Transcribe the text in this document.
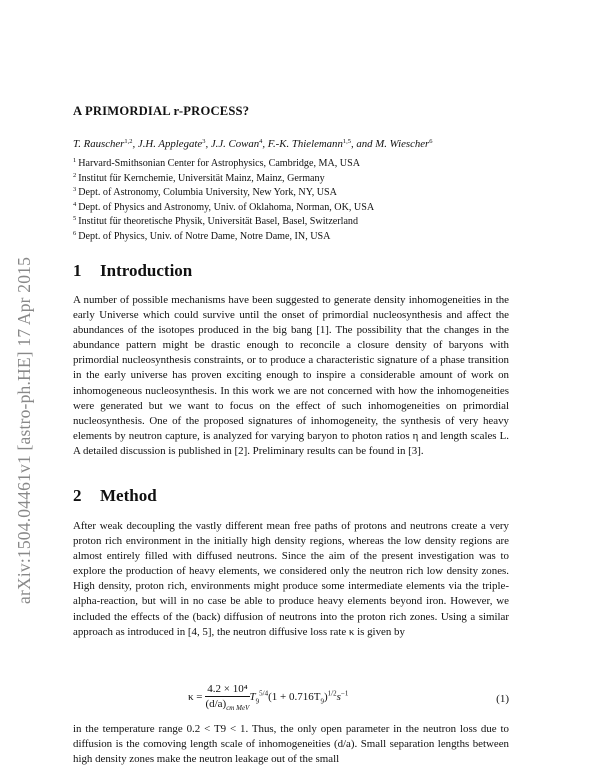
arXiv:1504.04461v1 [astro-ph.HE] 17 Apr 2015
A PRIMORDIAL r-PROCESS?

T. Rauscher$^{1,2}$, J.H. Applegate$^3$, J.J. Cowan$^4$, F.-K. Thielemann$^{1,5}$, and M. Wiescher$^6$

$^1$ Harvard-Smithsonian Center for Astrophysics, Cambridge, MA, USA
$^2$ Institut für Kernchemie, Universität Mainz, Mainz, Germany
$^3$ Dept. of Astronomy, Columbia University, New York, NY, USA
$^4$ Dept. of Physics and Astronomy, Univ. of Oklahoma, Norman, OK, USA
$^5$ Institut für theoretische Physik, Universität Basel, Basel, Switzerland
$^6$ Dept. of Physics, Univ. of Notre Dame, Notre Dame, IN, USA
1 Introduction

A number of possible mechanisms have been suggested to generate density inhomogeneities in the early Universe which could survive until the onset of primordial nucleosynthesis and affect the abundances of the isotopes produced in the big bang [1]. The possibility that the changes in the abundance pattern might be drastic enough to reconcile a closure density of baryons with primordial nucleosynthesis constraints, or to produce a characteristic signature of a phase transition in the early universe has proven exciting enough to inspire a considerable amount of work on inhomogeneous nucleosynthesis. In this work we are not concerned with how the inhomogeneities were generated but we want to focus on the effect of such inhomogeneities on primordial nucleosynthesis. One of the proposed signatures of inhomogeneity, the synthesis of very heavy elements by neutron capture, is analyzed for varying baryon to photon ratios η and length scales L. A detailed discussion is published in [2]. Preliminary results can be found in [3].

2 Method

After weak decoupling the vastly different mean free paths of protons and neutrons create a very proton rich environment in the initially high density regions, whereas the low density regions are almost entirely filled with diffused neutrons. Since the aim of the present investigation was to explore the production of heavy elements, we considered only the neutron rich low density zones. High density, proton rich, environments might produce some intermediate elements via the triple-alpha-reaction, but will in no case be able to produce heavy elements beyond iron. However, we included the effects of the (back) diffusion of neutrons into the proton rich zones. Using a similar approach as introduced in [4, 5], the neutron diffusive loss rate κ is given by

$\kappa = \frac{\text{4.2 × 10⁴}}{(d/a)_{cm MeV}} T_9^{5/4}(1 + 0.716T_9)^{1/2}s^{-1}$	(1)

in the temperature range 0.2 < T9 < 1. Thus, the only open parameter in the neutron loss due to diffusion is the comoving length scale of inhomogeneities (d/a). Small separation lengths between high density zones make the neutron leakage out of the small
